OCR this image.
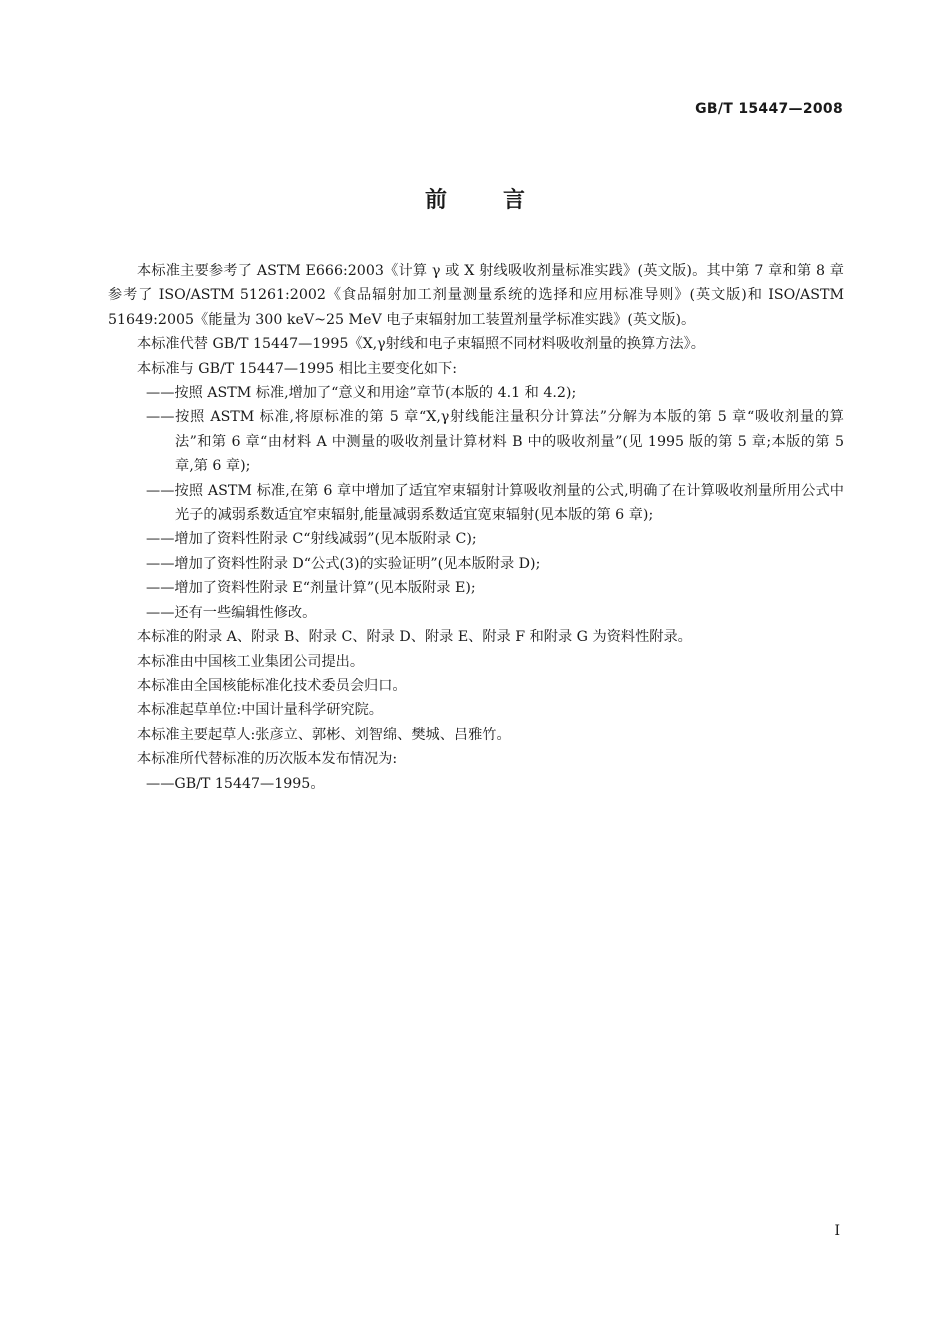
GB/T 15447—2008
前言

本标准主要参考了 ASTM E666:2003《计算 γ 或 X 射线吸收剂量标准实践》(英文版)。其中第 7 章和第 8 章参考了 ISO/ASTM 51261:2002《食品辐射加工剂量测量系统的选择和应用标准导则》(英文版)和 ISO/ASTM 51649:2005《能量为 300 keV~25 MeV 电子束辐射加工装置剂量学标准实践》(英文版)。

本标准代替 GB/T 15447—1995《X,γ射线和电子束辐照不同材料吸收剂量的换算方法》。

本标准与 GB/T 15447—1995 相比主要变化如下:

——按照 ASTM 标准,增加了“意义和用途”章节(本版的 4.1 和 4.2);

——按照 ASTM 标准,将原标准的第 5 章“X,γ射线能注量积分计算法”分解为本版的第 5 章“吸收剂量的算法”和第 6 章“由材料 A 中测量的吸收剂量计算材料 B 中的吸收剂量”(见 1995 版的第 5 章;本版的第 5 章,第 6 章);

——按照 ASTM 标准,在第 6 章中增加了适宜窄束辐射计算吸收剂量的公式,明确了在计算吸收剂量所用公式中光子的减弱系数适宜窄束辐射,能量减弱系数适宜宽束辐射(见本版的第 6 章);

——增加了资料性附录 C“射线减弱”(见本版附录 C);

——增加了资料性附录 D“公式(3)的实验证明”(见本版附录 D);

——增加了资料性附录 E“剂量计算”(见本版附录 E);

——还有一些编辑性修改。

本标准的附录 A、附录 B、附录 C、附录 D、附录 E、附录 F 和附录 G 为资料性附录。

本标准由中国核工业集团公司提出。

本标准由全国核能标准化技术委员会归口。

本标准起草单位:中国计量科学研究院。

本标准主要起草人:张彦立、郭彬、刘智绵、樊城、吕雅竹。

本标准所代替标准的历次版本发布情况为:

——GB/T 15447—1995。

I
